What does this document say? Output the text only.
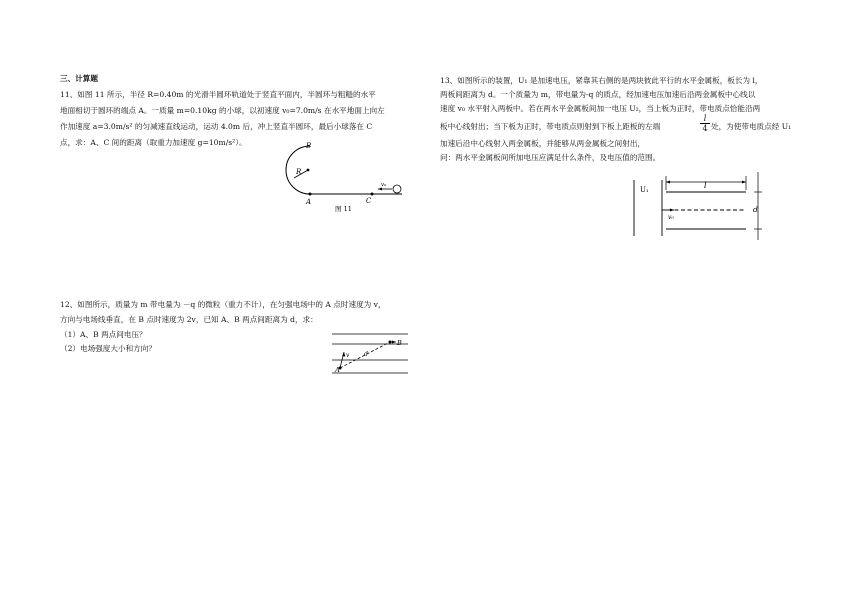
三、计算题
11、如图 11 所示，半径 R=0.40m 的光滑半圆环轨道处于竖直平面内，半圆环与粗糙的水平
地面相切于圆环的端点 A。一质量 m=0.10kg 的小球，以初速度 v₀=7.0m/s 在水平地面上向左
作加速度 a=3.0m/s² 的匀减速直线运动，运动 4.0m 后，冲上竖直半圆环，最后小球落在 C
点，求：A、C 间的距离（取重力加速度 g=10m/s²）。	B
R
A	C
v₀
图 11
12、如图所示，质量为 m 带电量为 －q 的微粒（重力不计），在匀强电场中的 A 点时速度为 v，
方向与电场线垂直，在 B 点时速度为 2v，已知 A、B 两点间距离为 d，求：
（1）A、B 两点间电压？
（2）电场强度大小和方向？
A
B
v d
13、如图所示的装置，U₁ 是加速电压，紧靠其右侧的是两块彼此平行的水平金属板，板长为 l，
两板间距离为 d。一个质量为 m，带电量为-q 的质点，经加速电压加速后沿两金属板中心线以
速度 v₀ 水平射入两板中。若在两水平金属板间加一电压 U₂，当上板为正时，带电质点恰能沿两
板中心线射出；当下板为正时，带电质点则射到下板上距板的左端	$\frac{l}{4}$ 处，为使带电质点经 U₁
加速后沿中心线射入两金属板，并能够从两金属板之间射出，
问：两水平金属板间所加电压应满足什么条件，及电压值的范围。
U₁	l
d
v₀
